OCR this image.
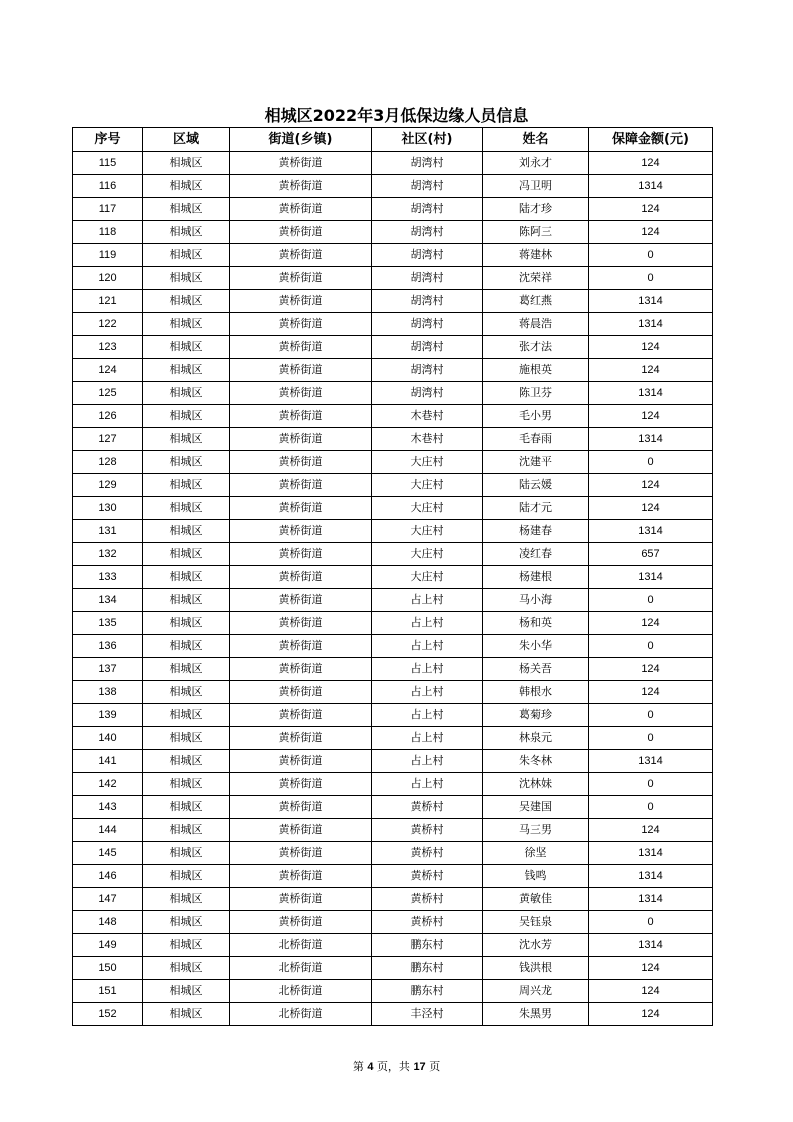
相城区2022年3月低保边缘人员信息
序号	区域	街道(乡镇)	社区(村)	姓名	保障金额(元)
115	相城区	黄桥街道	胡湾村	刘永才	124
116	相城区	黄桥街道	胡湾村	冯卫明	1314
117	相城区	黄桥街道	胡湾村	陆才珍	124
118	相城区	黄桥街道	胡湾村	陈阿三	124
119	相城区	黄桥街道	胡湾村	蒋建林	0
120	相城区	黄桥街道	胡湾村	沈荣祥	0
121	相城区	黄桥街道	胡湾村	葛红燕	1314
122	相城区	黄桥街道	胡湾村	蒋晨浩	1314
123	相城区	黄桥街道	胡湾村	张才法	124
124	相城区	黄桥街道	胡湾村	施根英	124
125	相城区	黄桥街道	胡湾村	陈卫芬	1314
126	相城区	黄桥街道	木巷村	毛小男	124
127	相城区	黄桥街道	木巷村	毛春雨	1314
128	相城区	黄桥街道	大庄村	沈建平	0
129	相城区	黄桥街道	大庄村	陆云媛	124
130	相城区	黄桥街道	大庄村	陆才元	124
131	相城区	黄桥街道	大庄村	杨建春	1314
132	相城区	黄桥街道	大庄村	凌红春	657
133	相城区	黄桥街道	大庄村	杨建根	1314
134	相城区	黄桥街道	占上村	马小海	0
135	相城区	黄桥街道	占上村	杨和英	124
136	相城区	黄桥街道	占上村	朱小华	0
137	相城区	黄桥街道	占上村	杨关吾	124
138	相城区	黄桥街道	占上村	韩根水	124
139	相城区	黄桥街道	占上村	葛菊珍	0
140	相城区	黄桥街道	占上村	林泉元	0
141	相城区	黄桥街道	占上村	朱冬林	1314
142	相城区	黄桥街道	占上村	沈林妹	0
143	相城区	黄桥街道	黄桥村	吴建国	0
144	相城区	黄桥街道	黄桥村	马三男	124
145	相城区	黄桥街道	黄桥村	徐坚	1314
146	相城区	黄桥街道	黄桥村	钱鸣	1314
147	相城区	黄桥街道	黄桥村	黄敏佳	1314
148	相城区	黄桥街道	黄桥村	吴钰泉	0
149	相城区	北桥街道	鹏东村	沈水芳	1314
150	相城区	北桥街道	鹏东村	钱洪根	124
151	相城区	北桥街道	鹏东村	周兴龙	124
152	相城区	北桥街道	丰泾村	朱黑男	124
第 4 页，共 17 页
